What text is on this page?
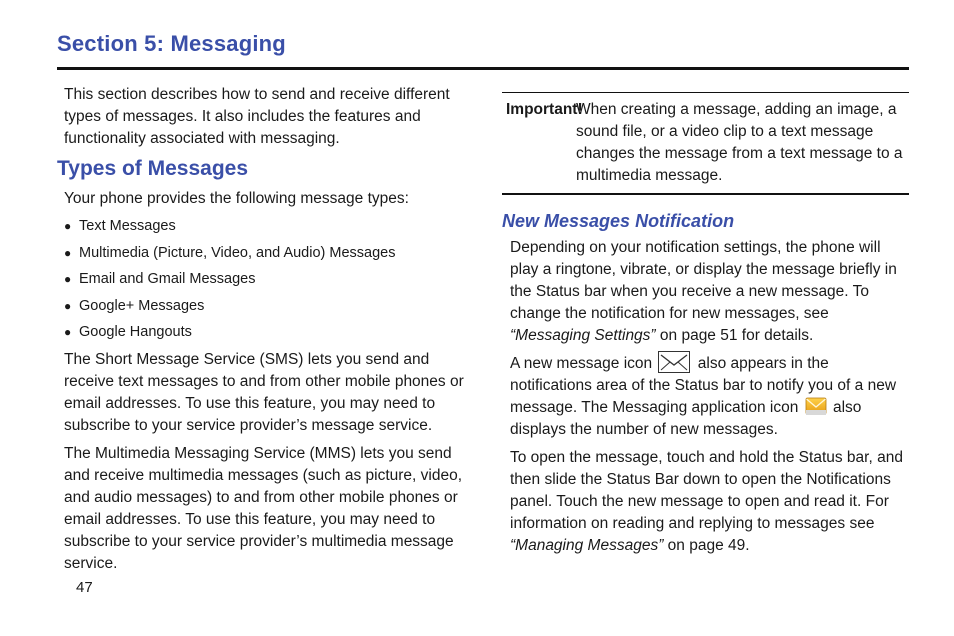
Section 5: Messaging

This section describes how to send and receive different types of messages. It also includes the features and functionality associated with messaging.

Types of Messages

Your phone provides the following message types:

● Text Messages
● Multimedia (Picture, Video, and Audio) Messages
● Email and Gmail Messages
● Google+ Messages
● Google Hangouts

The Short Message Service (SMS) lets you send and receive text messages to and from other mobile phones or email addresses. To use this feature, you may need to subscribe to your service provider’s message service.

The Multimedia Messaging Service (MMS) lets you send and receive multimedia messages (such as picture, video, and audio messages) to and from other mobile phones or email addresses. To use this feature, you may need to subscribe to your service provider’s multimedia message service.

Important!
When creating a message, adding an image, a sound file, or a video clip to a text message changes the message from a text message to a multimedia message.
New Messages Notification

Depending on your notification settings, the phone will play a ringtone, vibrate, or display the message briefly in the Status bar when you receive a new message. To change the notification for new messages, see “Messaging Settings” on page 51 for details.

A new message icon  also appears in the notifications area of the Status bar to notify you of a new message. The Messaging application icon  also displays the number of new messages.

To open the message, touch and hold the Status bar, and then slide the Status Bar down to open the Notifications panel. Touch the new message to open and read it. For information on reading and replying to messages see “Managing Messages” on page 49.

47
